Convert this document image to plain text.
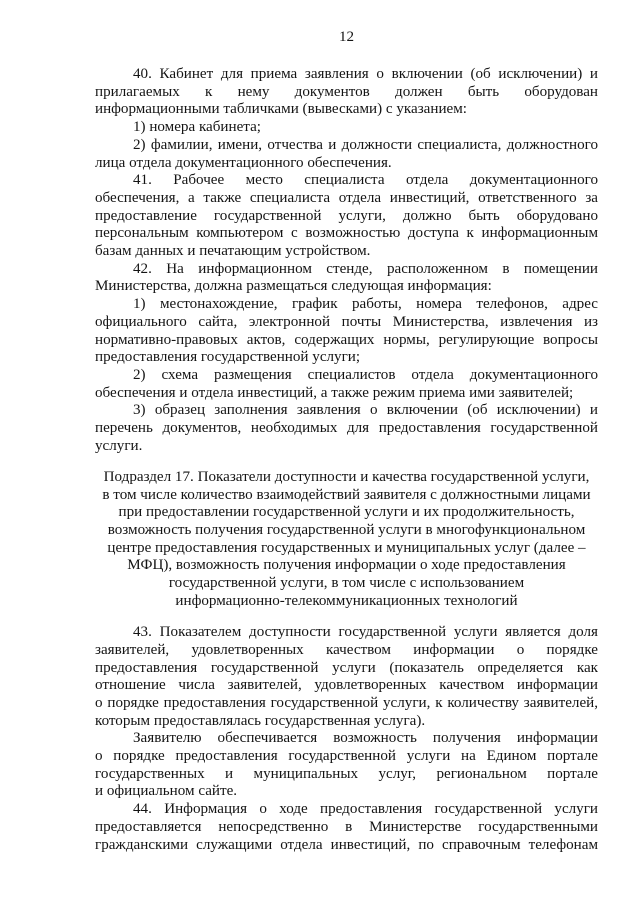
12
40. Кабинет для приема заявления о включении (об исключении) и
прилагаемых к нему документов должен быть оборудован
информационными табличками (вывесками) с указанием:
1) номера кабинета;
2) фамилии, имени, отчества и должности специалиста, должностного
лица отдела документационного обеспечения.
41. Рабочее место специалиста отдела документационного
обеспечения, а также специалиста отдела инвестиций, ответственного за
предоставление государственной услуги, должно быть оборудовано
персональным компьютером с возможностью доступа к информационным
базам данных и печатающим устройством.
42. На информационном стенде, расположенном в помещении
Министерства, должна размещаться следующая информация:
1) местонахождение, график работы, номера телефонов, адрес
официального сайта, электронной почты Министерства, извлечения из
нормативно-правовых актов, содержащих нормы, регулирующие вопросы
предоставления государственной услуги;
2) схема размещения специалистов отдела документационного
обеспечения и отдела инвестиций, а также режим приема ими заявителей;
3) образец заполнения заявления о включении (об исключении) и
перечень документов, необходимых для предоставления государственной
услуги.
Подраздел 17. Показатели доступности и качества государственной услуги,
в том числе количество взаимодействий заявителя с должностными лицами
при предоставлении государственной услуги и их продолжительность,
возможность получения государственной услуги в многофункциональном
центре предоставления государственных и муниципальных услуг (далее –
МФЦ), возможность получения информации о ходе предоставления
государственной услуги, в том числе с использованием
информационно-телекоммуникационных технологий
43. Показателем доступности государственной услуги является доля
заявителей, удовлетворенных качеством информации о порядке
предоставления государственной услуги (показатель определяется как
отношение числа заявителей, удовлетворенных качеством информации
о порядке предоставления государственной услуги, к количеству заявителей,
которым предоставлялась государственная услуга).
Заявителю обеспечивается возможность получения информации
о порядке предоставления государственной услуги на Едином портале
государственных и муниципальных услуг, региональном портале
и официальном сайте.
44. Информация о ходе предоставления государственной услуги
предоставляется непосредственно в Министерстве государственными
гражданскими служащими отдела инвестиций, по справочным телефонам
